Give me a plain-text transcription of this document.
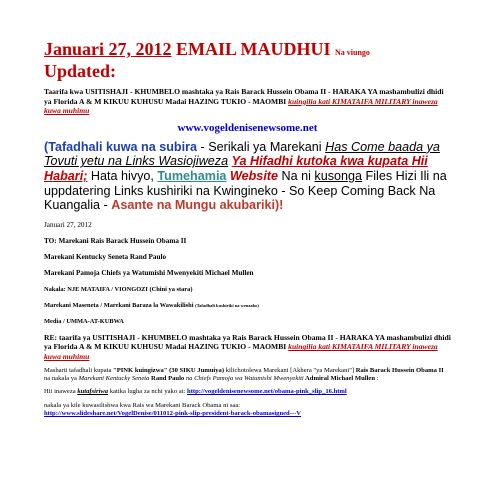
Januari 27, 2012 EMAIL MAUDHUI Na viungo
Updated:

Taarifa kwa USITISHAJI - KHUMBELO mashtaka ya Rais Barack Hussein Obama II - HARAKA YA mashambulizi dhidi ya Florida A & M KIKUU KUHUSU Madai HAZING TUKIO - MAOMBI kuingilia kati KIMATAIFA MILITARY inaweza kuwa muhimu

www.vogeldenisenewsome.net

(Tafadhali kuwa na subira - Serikali ya Marekani Has Come baada ya Tovuti yetu na Links Wasiojiweza Ya Hifadhi kutoka kwa kupata Hii Habari; Hata hivyo, Tumehamia Website Na ni kusonga Files Hizi Ili na uppdatering Links kushiriki na Kwingineko - So Keep Coming Back Na Kuangalia - Asante na Mungu akubariki)!

Januari 27, 2012

TO: Marekani Rais Barack Hussein Obama II

Marekani Kentucky Seneta Rand Paulo

Marekani Pamoja Chiefs ya Watumishi Mwenyekiti Michael Mullen

Nakala: NJE MATAIFA / VIONGOZI (Chini ya stara)

Marekani Maseneta / Marekani Baraza la Wawakilishi (Tafadhali kushiriki na wenzako)

Media / UMMA-AT-KUBWA

RE: taarifa ya USITISHAJI - KHUMBELO mashtaka ya Rais Barack Hussein Obama II - HARAKA YA mashambulizi dhidi ya Florida A & M KIKUU KUHUSU Madai HAZING TUKIO - MAOMBI kuingilia kati KIMATAIFA MILITARY inaweza kuwa muhimu

Masharti tafadhali kupata "PINK kuingizwa" (30 SIKU Jumuiya) kilichotolewa Marekani [Akhera "ya Marekani"] Rais Barack Hussein Obama II na nakala ya Marekani Kentucky Seneta Rand Paulo na Chiefs Pamoja wa Watumishi Mwenyekiti Admiral Michael Mullen :

Hii inaweza kutafsiriwa katika lugha za nchi yako at: http://vogeldenisenewsome.net/obama-pink_slip_16.html

nakala ya kile kuwasilishwa kwa Rais wa Marekani Barack Obama ni saa:
http://www.slideshare.net/VogelDenise/011012-pink-slip-president-barack-obamasigned---V
